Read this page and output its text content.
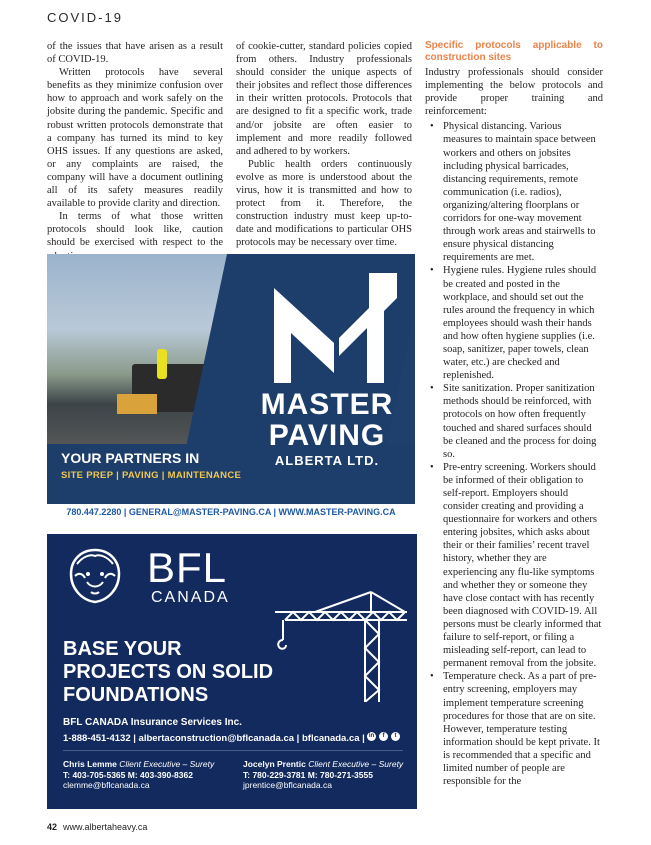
COVID-19

of the issues that have arisen as a result of COVID-19.

Written protocols have several benefits as they minimize confusion over how to approach and work safely on the jobsite during the pandemic. Specific and robust written protocols demonstrate that a company has turned its mind to key OHS issues. If any questions are asked, or any complaints are raised, the company will have a document outlining all of its safety measures readily available to provide clarity and direction.

In terms of what those written protocols should look like, caution should be exercised with respect to the

of cookie-cutter, standard policies copied from others. Industry professionals should consider the unique aspects of their jobsites and reflect those differences in their written protocols. Protocols that are designed to fit a specific work, trade and/or jobsite are often easier to implement and more readily followed and adhered to by workers.

Public health orders continuously evolve as more is understood about the virus, how it is transmitted and how to protect from it. Therefore, the construction industry must keep up-to-date and modifications to particular OHS protocols may be necessary over time.

Specific protocols applicable to construction sites
Industry professionals should consider implementing the below protocols and provide proper training and reinforcement:
• Physical distancing. Various measures to maintain space between workers and others on jobsites including physical barricades, distancing requirements, remote communication (i.e. radios), organizing/altering floorplans or corridors for one-way movement through work areas and stairwells to ensure physical distancing requirements are met.
• Hygiene rules. Hygiene rules should be created and posted in the workplace, and should set out the rules around the frequency in which employees should wash their hands and how often hygiene supplies (i.e. soap, sanitizer, paper towels, clean water, etc.) are checked and replenished.
• Site sanitization. Proper sanitization methods should be reinforced, with protocols on how often frequently touched and shared surfaces should be cleaned and the process for doing so.
• Pre-entry screening. Workers should be informed of their obligation to self-report. Employers should consider creating and providing a questionnaire for workers and others entering jobsites, which asks about their or their families’ recent travel history, whether they are experiencing any flu-like symptoms and whether they or someone they have close contact with has recently been diagnosed with COVID-19. All persons must be clearly informed that failure to self-report, or filing a misleading self-report, can lead to permanent removal from the jobsite.
• Temperature check. As a part of pre-entry screening, employers may implement temperature screening procedures for those that are on site. However, temperature testing information should be kept private. It is recommended that a specific and limited number of people are responsible for the
MASTER
PAVING
ALBERTA LTD.
YOUR PARTNERS IN
SITE PREP | PAVING | MAINTENANCE
780.447.2280 | GENERAL@MASTER-PAVING.CA | WWW.MASTER-PAVING.CA
BFL
CANADA
BASE YOUR PROJECTS ON SOLID FOUNDATIONS
BFL CANADA Insurance Services Inc.
1-888-451-4132 | albertaconstruction@bflcanada.ca | bflcanada.ca | in	f	t
Chris Lemme Client Executive – Surety
T: 403-705-5365 M: 403-390-8362
clemme@bflcanada.ca
Jocelyn Prentic Client Executive – Surety
T: 780-229-3781 M: 780-271-3555
jprentice@bflcanada.ca
42 www.albertaheavy.ca
